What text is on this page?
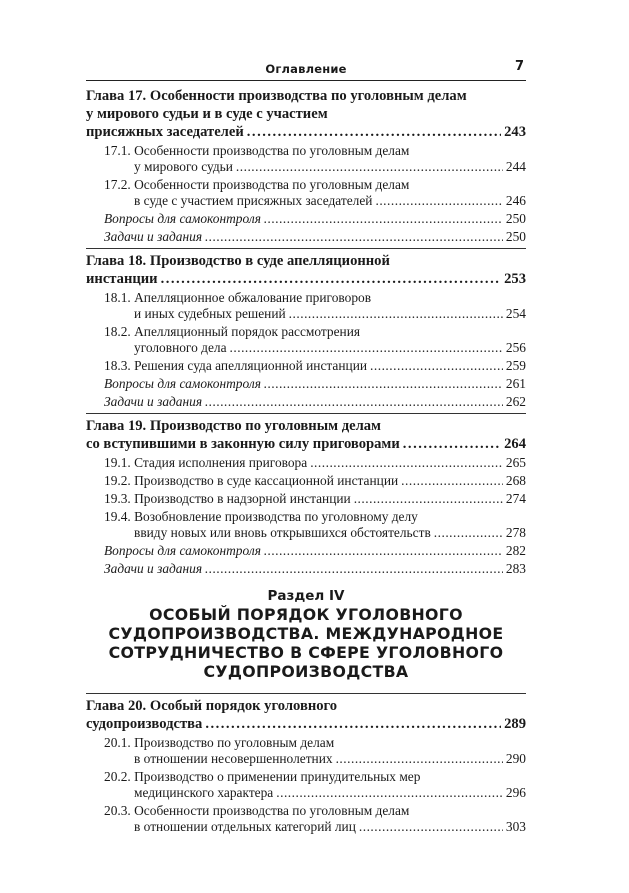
Оглавление	7
Глава 17. Особенности производства по уголовным делам
у мирового судьи и в суде с участием
присяжных заседателей .....	243
17.1. Особенности производства по уголовным делам
у мирового судьи .....	244
17.2. Особенности производства по уголовным делам
в суде с участием присяжных заседателей .....	246
Вопросы для самоконтроля .....	250
Задачи и задания .....	250
Глава 18. Производство в суде апелляционной
инстанции .....	253
18.1. Апелляционное обжалование приговоров
и иных судебных решений .....	254
18.2. Апелляционный порядок рассмотрения
уголовного дела .....	256
18.3. Решения суда апелляционной инстанции .....	259
Вопросы для самоконтроля .....	261
Задачи и задания .....	262
Глава 19. Производство по уголовным делам
со вступившими в законную силу приговорами .....	264
19.1. Стадия исполнения приговора .....	265
19.2. Производство в суде кассационной инстанции .....	268
19.3. Производство в надзорной инстанции .....	274
19.4. Возобновление производства по уголовному делу
ввиду новых или вновь открывшихся обстоятельств .....	278
Вопросы для самоконтроля .....	282
Задачи и задания .....	283
Раздел IV
ОСОБЫЙ ПОРЯДОК УГОЛОВНОГО
СУДОПРОИЗВОДСТВА. МЕЖДУНАРОДНОЕ
СОТРУДНИЧЕСТВО В СФЕРЕ УГОЛОВНОГО
СУДОПРОИЗВОДСТВА
Глава 20. Особый порядок уголовного
судопроизводства .....	289
20.1. Производство по уголовным делам
в отношении несовершеннолетних .....	290
20.2. Производство о применении принудительных мер
медицинского характера .....	296
20.3. Особенности производства по уголовным делам
в отношении отдельных категорий лиц .....	303
